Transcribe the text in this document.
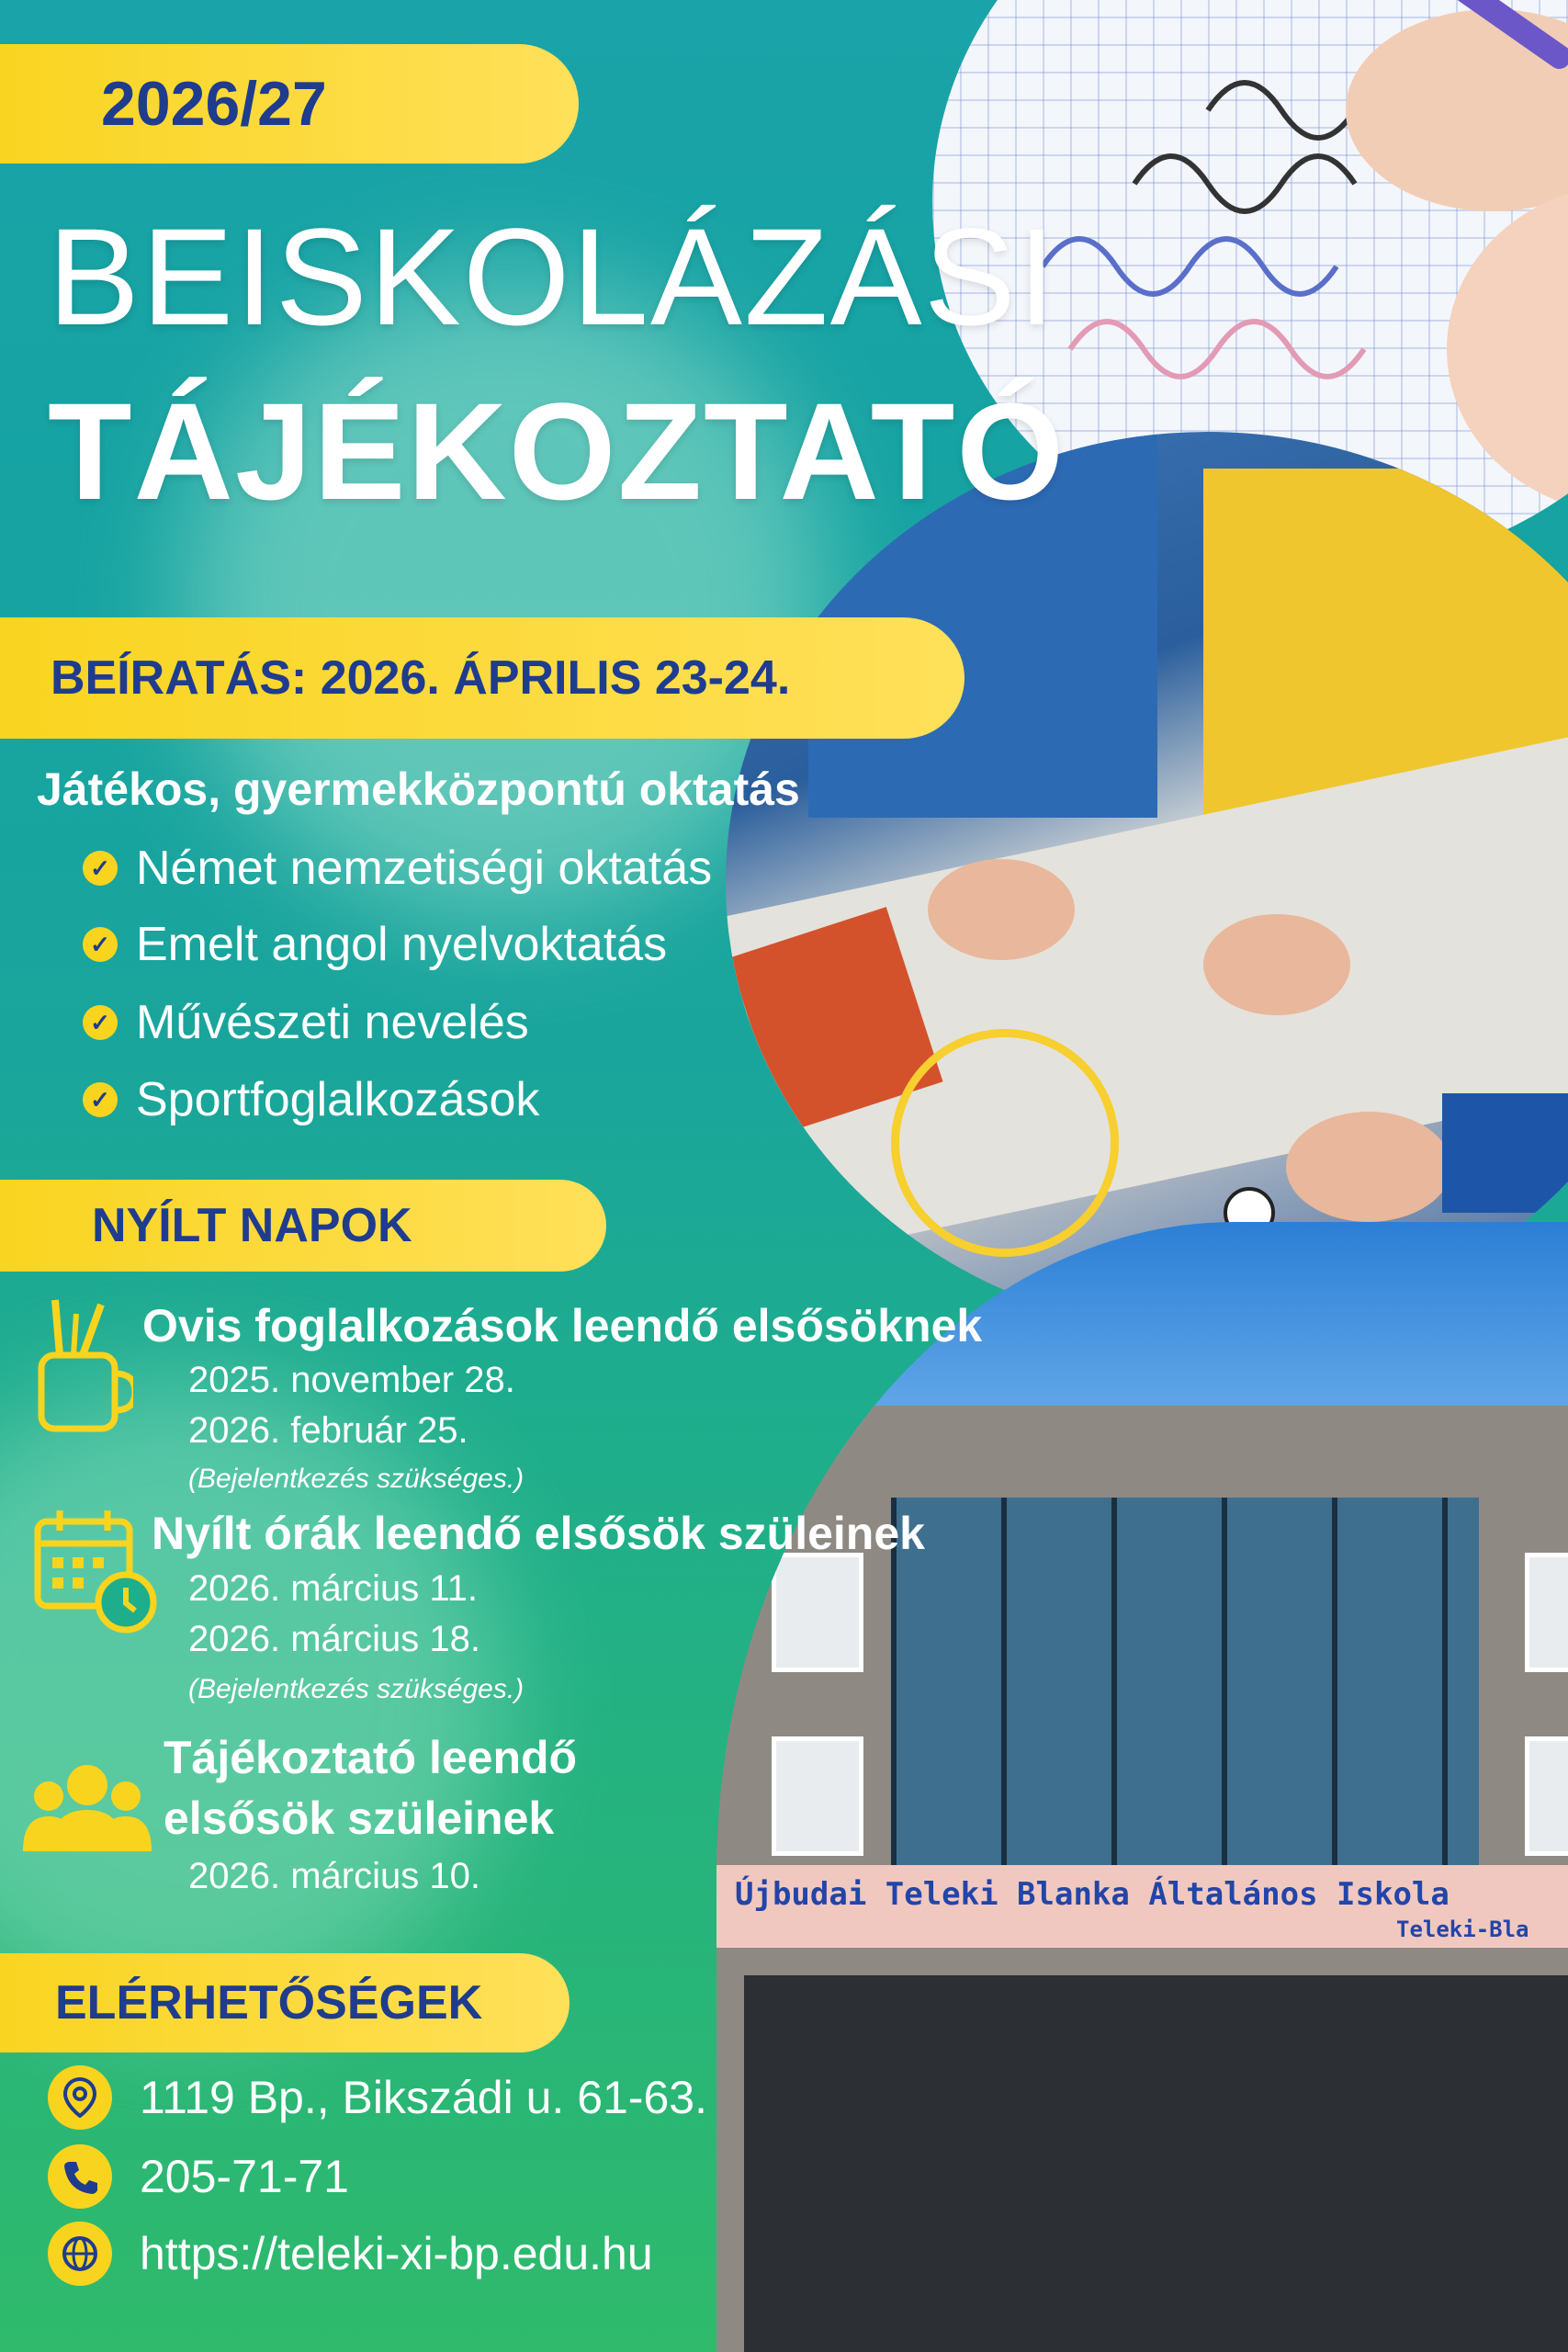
Újbudai Teleki Blanka Általános Iskola
Teleki-Bla
2026/27
BEISKOLÁZÁSI
TÁJÉKOZTATÓ
BEÍRATÁS: 2026. ÁPRILIS 23-24.
Játékos, gyermekközpontú oktatás
✓ Német nemzetiségi oktatás
✓ Emelt angol nyelvoktatás
✓ Művészeti nevelés
✓ Sportfoglalkozások
NYÍLT NAPOK
Ovis foglalkozások leendő elsősöknek
2025. november 28.
2026. február 25.
(Bejelentkezés szükséges.)
Nyílt órák leendő elsősök szüleinek
2026. március 11.
2026. március 18.
(Bejelentkezés szükséges.)
Tájékoztató leendő
elsősök szüleinek
2026. március 10.
ELÉRHETŐSÉGEK
1119 Bp., Bikszádi u. 61-63.
205-71-71
https://teleki-xi-bp.edu.hu
